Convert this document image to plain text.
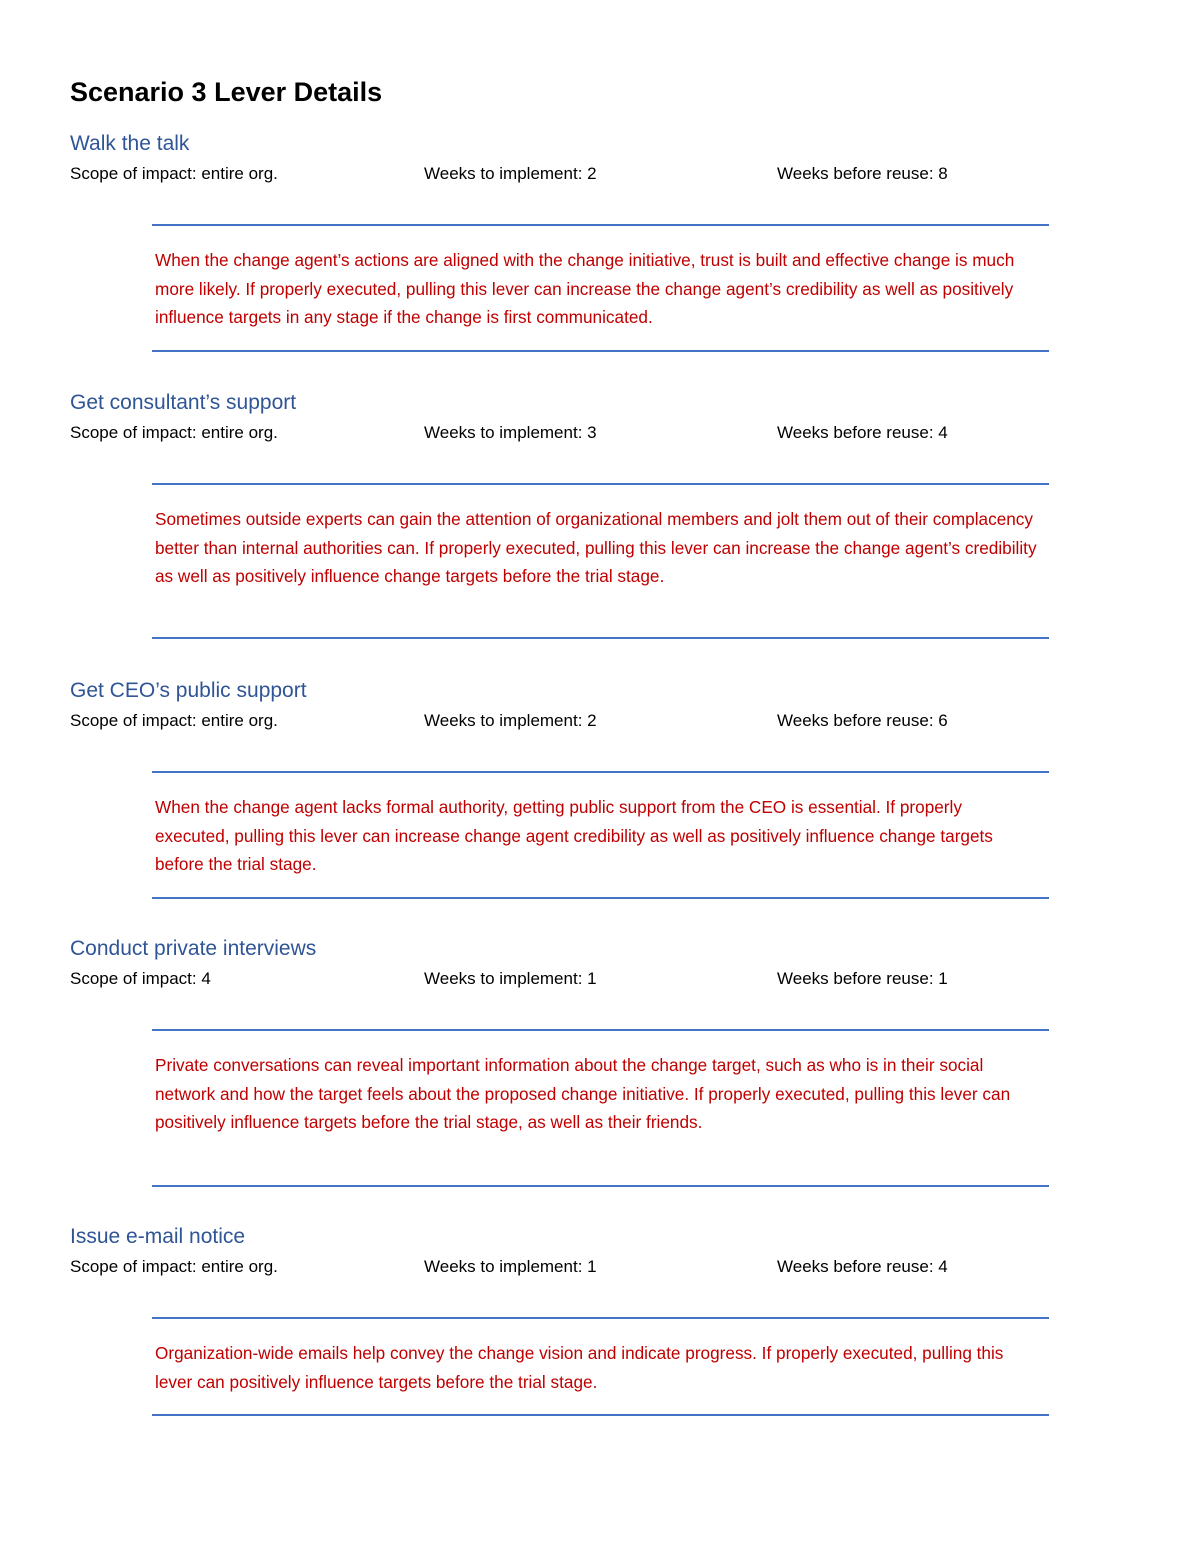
Scenario 3 Lever Details
Walk the talk
Scope of impact: entire org.	Weeks to implement: 2	Weeks before reuse: 8

When the change agent’s actions are aligned with the change initiative, trust is built and effective change is much more likely. If properly executed, pulling this lever can increase the change agent’s credibility as well as positively influence targets in any stage if the change is first communicated.

Get consultant’s support
Scope of impact: entire org.	Weeks to implement: 3	Weeks before reuse: 4

Sometimes outside experts can gain the attention of organizational members and jolt them out of their complacency better than internal authorities can. If properly executed, pulling this lever can increase the change agent’s credibility as well as positively influence change targets before the trial stage.

Get CEO’s public support
Scope of impact: entire org.	Weeks to implement: 2	Weeks before reuse: 6

When the change agent lacks formal authority, getting public support from the CEO is essential. If properly executed, pulling this lever can increase change agent credibility as well as positively influence change targets before the trial stage.

Conduct private interviews
Scope of impact: 4	Weeks to implement: 1	Weeks before reuse: 1

Private conversations can reveal important information about the change target, such as who is in their social network and how the target feels about the proposed change initiative. If properly executed, pulling this lever can positively influence targets before the trial stage, as well as their friends.

Issue e-mail notice
Scope of impact: entire org.	Weeks to implement: 1	Weeks before reuse: 4

Organization-wide emails help convey the change vision and indicate progress. If properly executed, pulling this lever can positively influence targets before the trial stage.
